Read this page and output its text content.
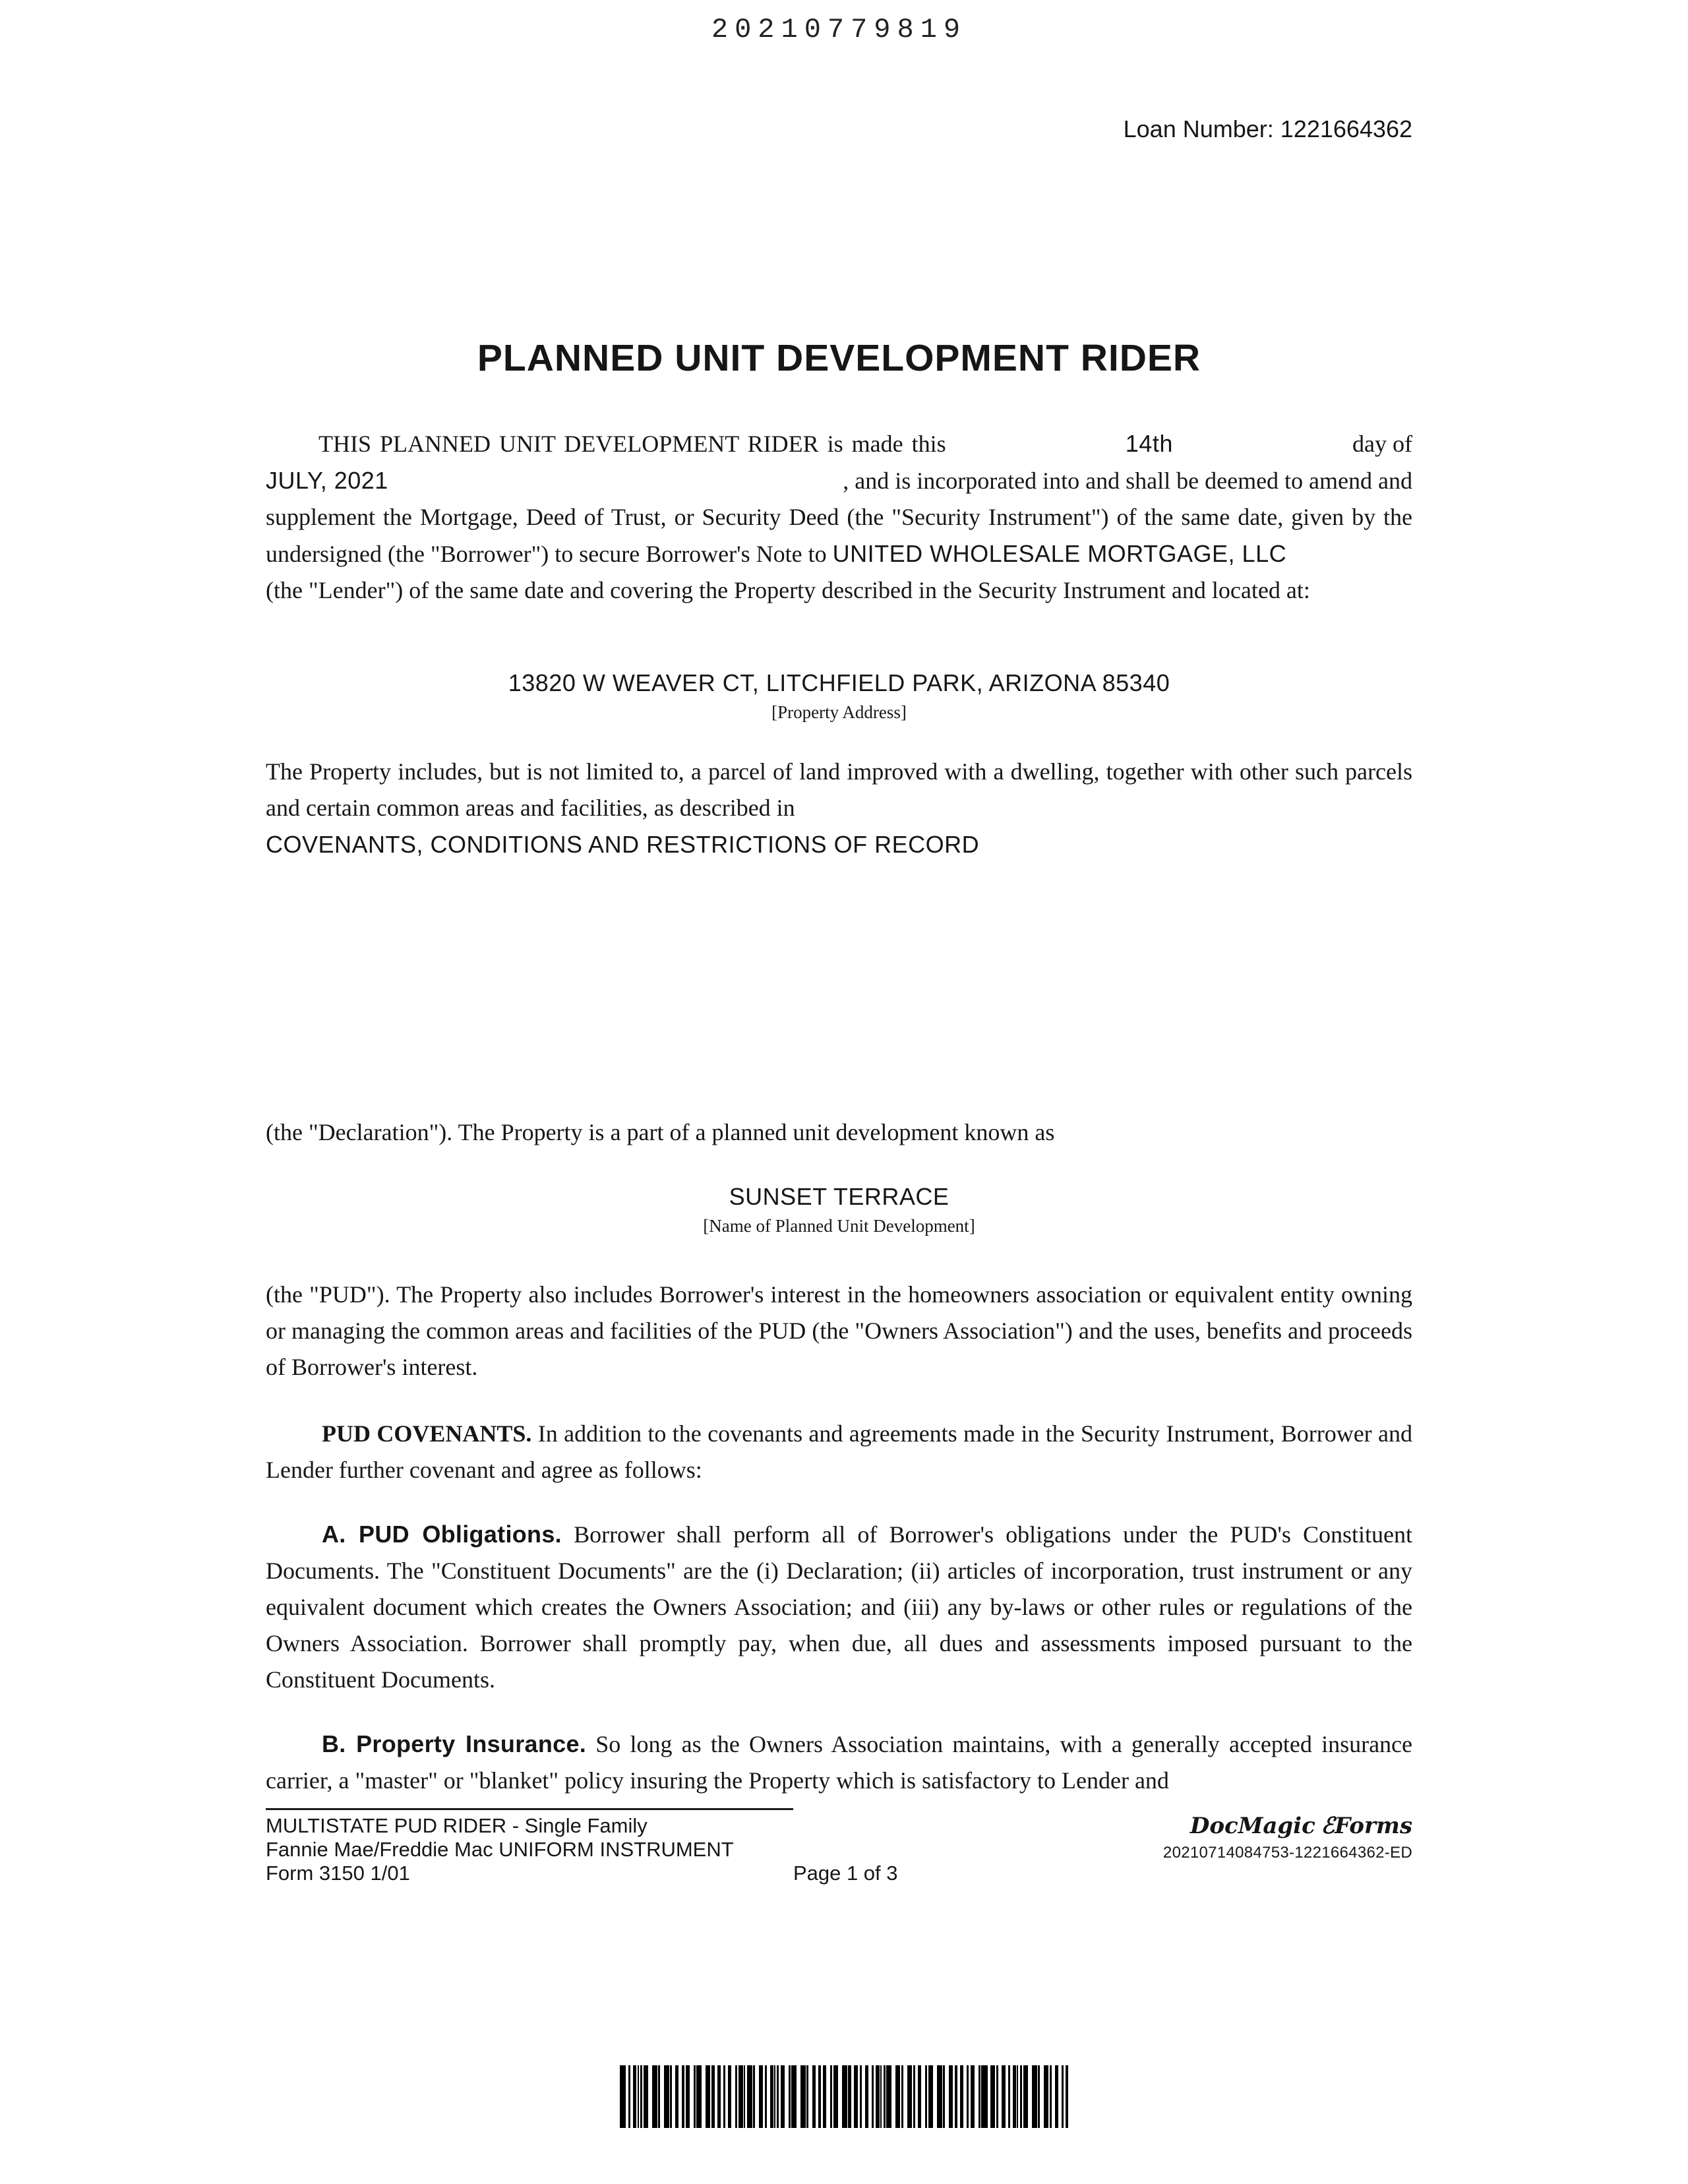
20210779819
Loan Number: 1221664362
PLANNED UNIT DEVELOPMENT RIDER
THIS PLANNED UNIT DEVELOPMENT RIDER is made this	14th	day of
JULY, 2021	, and is incorporated into and shall be deemed to amend and
supplement the Mortgage, Deed of Trust, or Security Deed (the "Security Instrument") of the same date, given by the undersigned (the "Borrower") to secure Borrower's Note to UNITED WHOLESALE MORTGAGE, LLC
(the "Lender") of the same date and covering the Property described in the Security Instrument and located at:
13820 W WEAVER CT, LITCHFIELD PARK, ARIZONA 85340
[Property Address]
The Property includes, but is not limited to, a parcel of land improved with a dwelling, together with other such parcels and certain common areas and facilities, as described in
COVENANTS, CONDITIONS AND RESTRICTIONS OF RECORD
(the "Declaration"). The Property is a part of a planned unit development known as
SUNSET TERRACE
[Name of Planned Unit Development]
(the "PUD"). The Property also includes Borrower's interest in the homeowners association or equivalent entity owning or managing the common areas and facilities of the PUD (the "Owners Association") and the uses, benefits and proceeds of Borrower's interest.
PUD COVENANTS. In addition to the covenants and agreements made in the Security Instrument, Borrower and Lender further covenant and agree as follows:
A. PUD Obligations. Borrower shall perform all of Borrower's obligations under the PUD's Constituent Documents. The "Constituent Documents" are the (i) Declaration; (ii) articles of incorporation, trust instrument or any equivalent document which creates the Owners Association; and (iii) any by-laws or other rules or regulations of the Owners Association. Borrower shall promptly pay, when due, all dues and assessments imposed pursuant to the Constituent Documents.
B. Property Insurance. So long as the Owners Association maintains, with a generally accepted insurance carrier, a "master" or "blanket" policy insuring the Property which is satisfactory to Lender and
MULTISTATE PUD RIDER - Single Family
Fannie Mae/Freddie Mac UNIFORM INSTRUMENT
Form 3150 1/01	Page 1 of 3
DocMagic ℰForms
20210714084753-1221664362-ED
